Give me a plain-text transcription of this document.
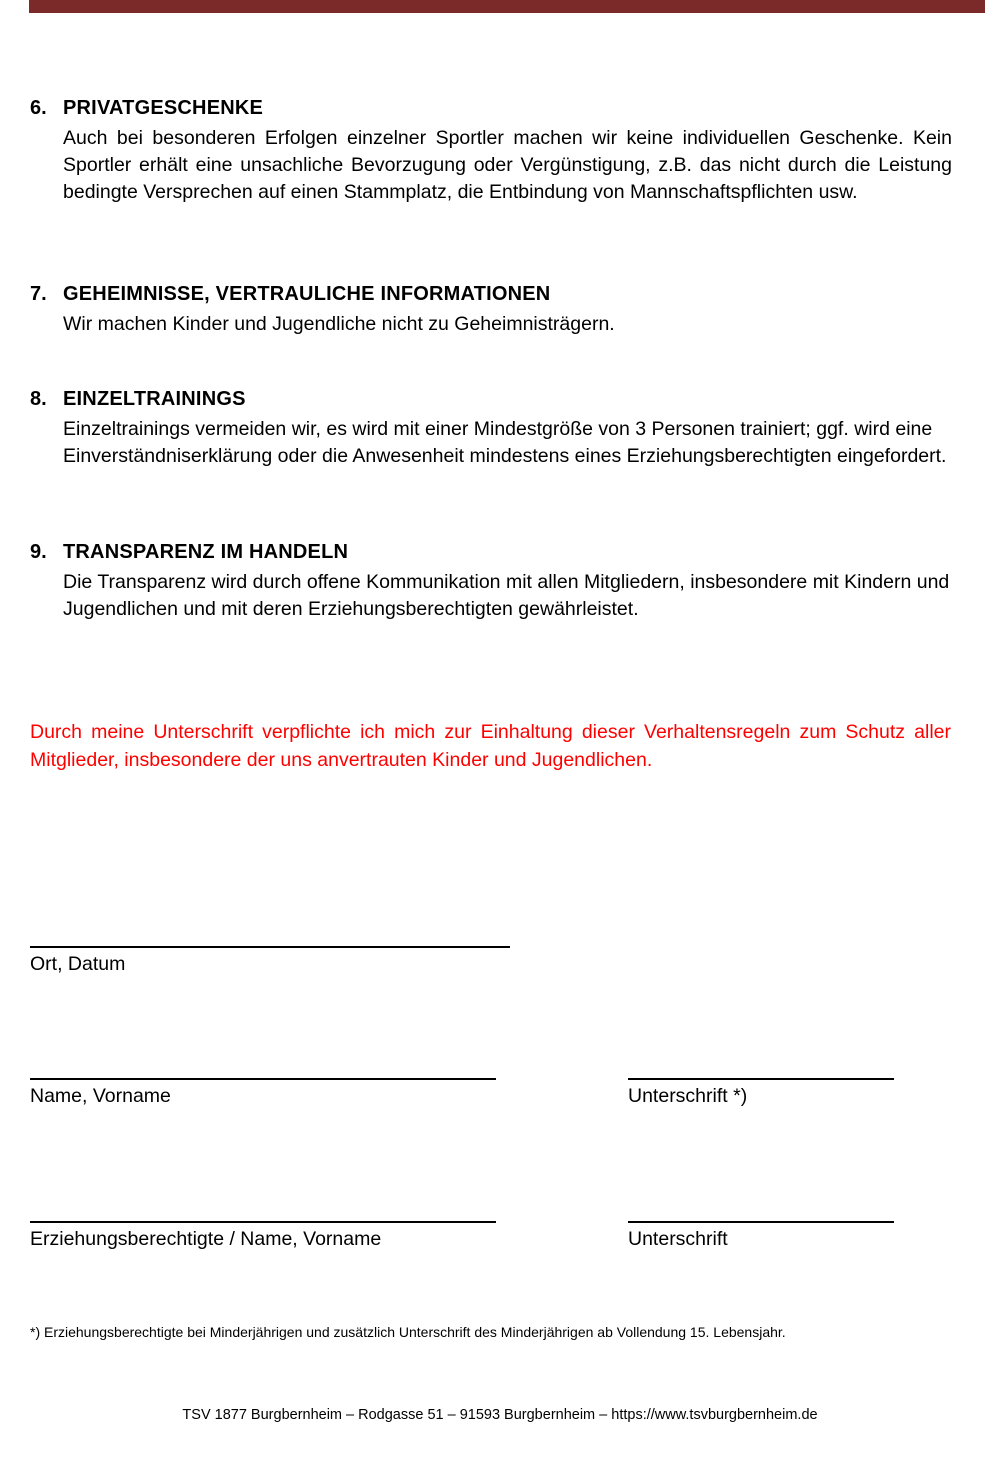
6. PRIVATGESCHENKE

Auch bei besonderen Erfolgen einzelner Sportler machen wir keine individuellen Geschenke. Kein Sportler erhält eine unsachliche Bevorzugung oder Vergünstigung, z.B. das nicht durch die Leistung bedingte Versprechen auf einen Stammplatz, die Entbindung von Mannschaftspflichten usw.

7. GEHEIMNISSE, VERTRAULICHE INFORMATIONEN

Wir machen Kinder und Jugendliche nicht zu Geheimnisträgern.

8. EINZELTRAININGS

Einzeltrainings vermeiden wir, es wird mit einer Mindestgröße von 3 Personen trainiert; ggf. wird eine Einverständniserklärung oder die Anwesenheit mindestens eines Erziehungsberechtigten eingefordert.

9. TRANSPARENZ IM HANDELN

Die Transparenz wird durch offene Kommunikation mit allen Mitgliedern, insbesondere mit Kindern und Jugendlichen und mit deren Erziehungsberechtigten gewährleistet.

Durch meine Unterschrift verpflichte ich mich zur Einhaltung dieser Verhaltensregeln zum Schutz aller Mitglieder, insbesondere der uns anvertrauten Kinder und Jugendlichen.

Ort, Datum
Name, Vorname	Unterschrift *)
Erziehungsberechtigte / Name, Vorname	Unterschrift
*) Erziehungsberechtigte bei Minderjährigen und zusätzlich Unterschrift des Minderjährigen ab Vollendung 15. Lebensjahr.
TSV 1877 Burgbernheim – Rodgasse 51 – 91593 Burgbernheim – https://www.tsvburgbernheim.de
